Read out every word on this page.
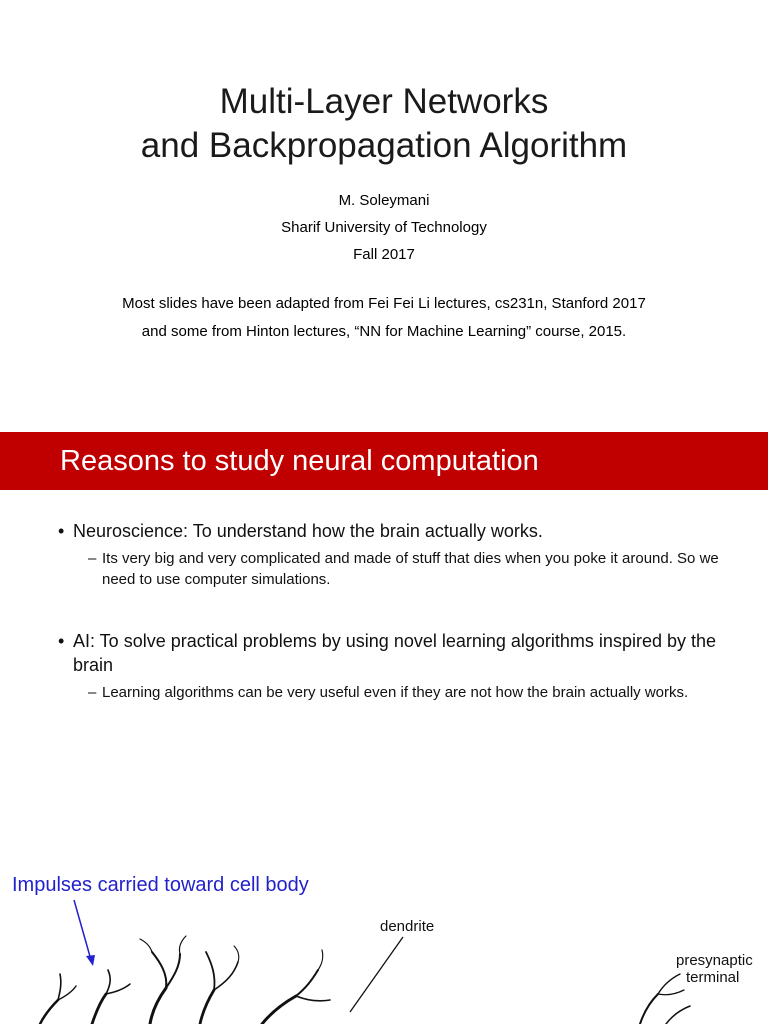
Multi-Layer Networks
and Backpropagation Algorithm
M. Soleymani
Sharif University of Technology
Fall 2017
Most slides have been adapted from Fei Fei Li lectures, cs231n, Stanford 2017
and some from Hinton lectures, “NN for Machine Learning” course, 2015.
Reasons to study neural computation
• Neuroscience: To understand how the brain actually works.
– Its very big and very complicated and made of stuff that dies when you poke it around. So we need to use computer simulations.
• AI: To solve practical problems by using novel learning algorithms inspired by the brain
– Learning algorithms can be very useful even if they are not how the brain actually works.
Impulses carried toward cell body
dendrite
presynaptic
terminal
